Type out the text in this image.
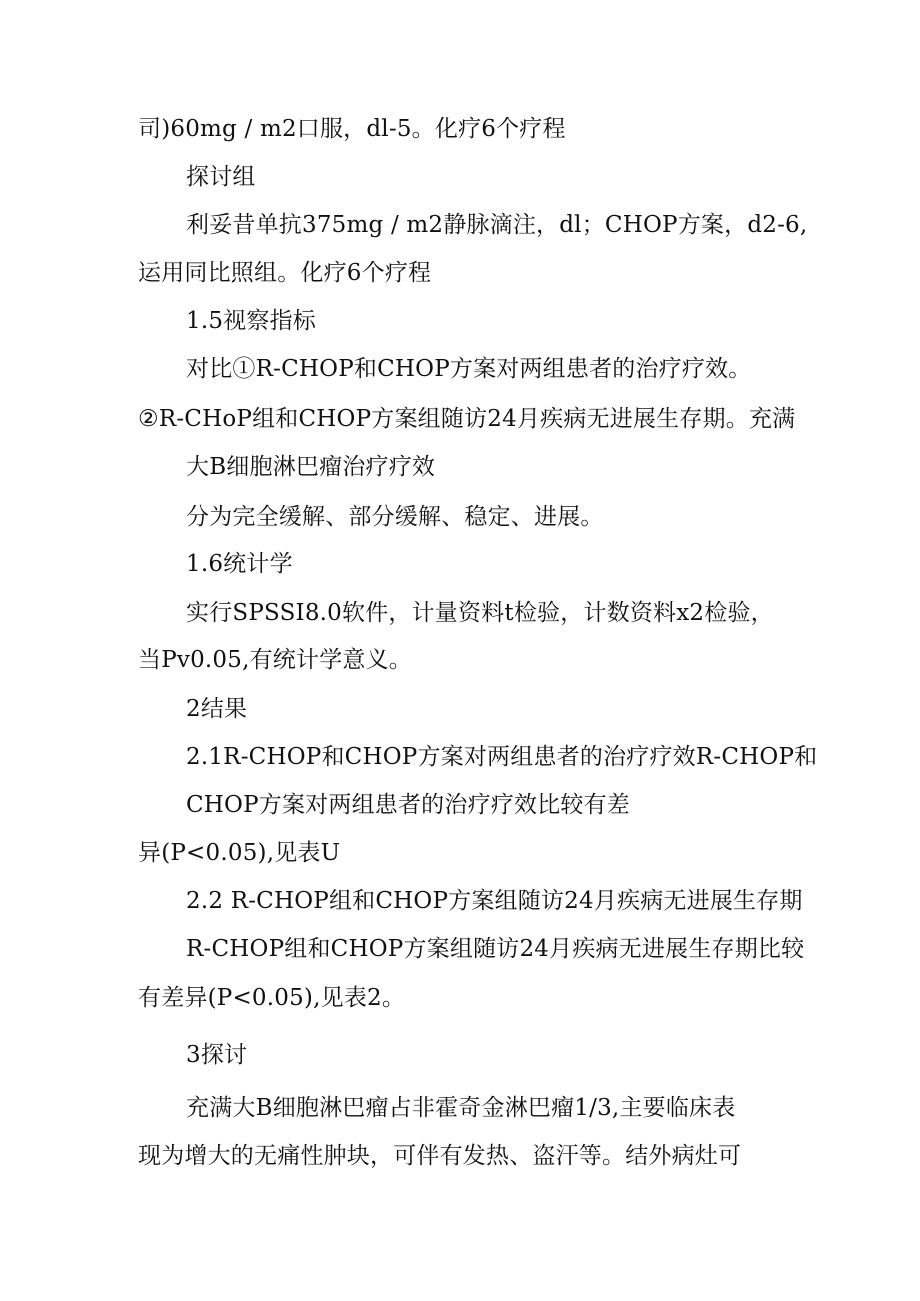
司)60mg / m2口服，dl-5。化疗6个疗程
探讨组
利妥昔单抗375mg / m2静脉滴注，dl；CHOP方案，d2-6,
运用同比照组。化疗6个疗程
1.5视察指标
对比①R-CHOP和CHOP方案对两组患者的治疗疗效。
②R-CHoP组和CHOP方案组随访24月疾病无进展生存期。充满
大B细胞淋巴瘤治疗疗效
分为完全缓解、部分缓解、稳定、进展。
1.6统计学
实行SPSSI8.0软件，计量资料t检验，计数资料x2检验，
当Pv0.05,有统计学意义。
2结果
2.1R-CHOP和CHOP方案对两组患者的治疗疗效R-CHOP和
CHOP方案对两组患者的治疗疗效比较有差
异(P<0.05),见表U
2.2 R-CHOP组和CHOP方案组随访24月疾病无进展生存期
R-CHOP组和CHOP方案组随访24月疾病无进展生存期比较
有差异(P<0.05),见表2。
3探讨
充满大B细胞淋巴瘤占非霍奇金淋巴瘤1/3,主要临床表
现为增大的无痛性肿块，可伴有发热、盗汗等。结外病灶可
